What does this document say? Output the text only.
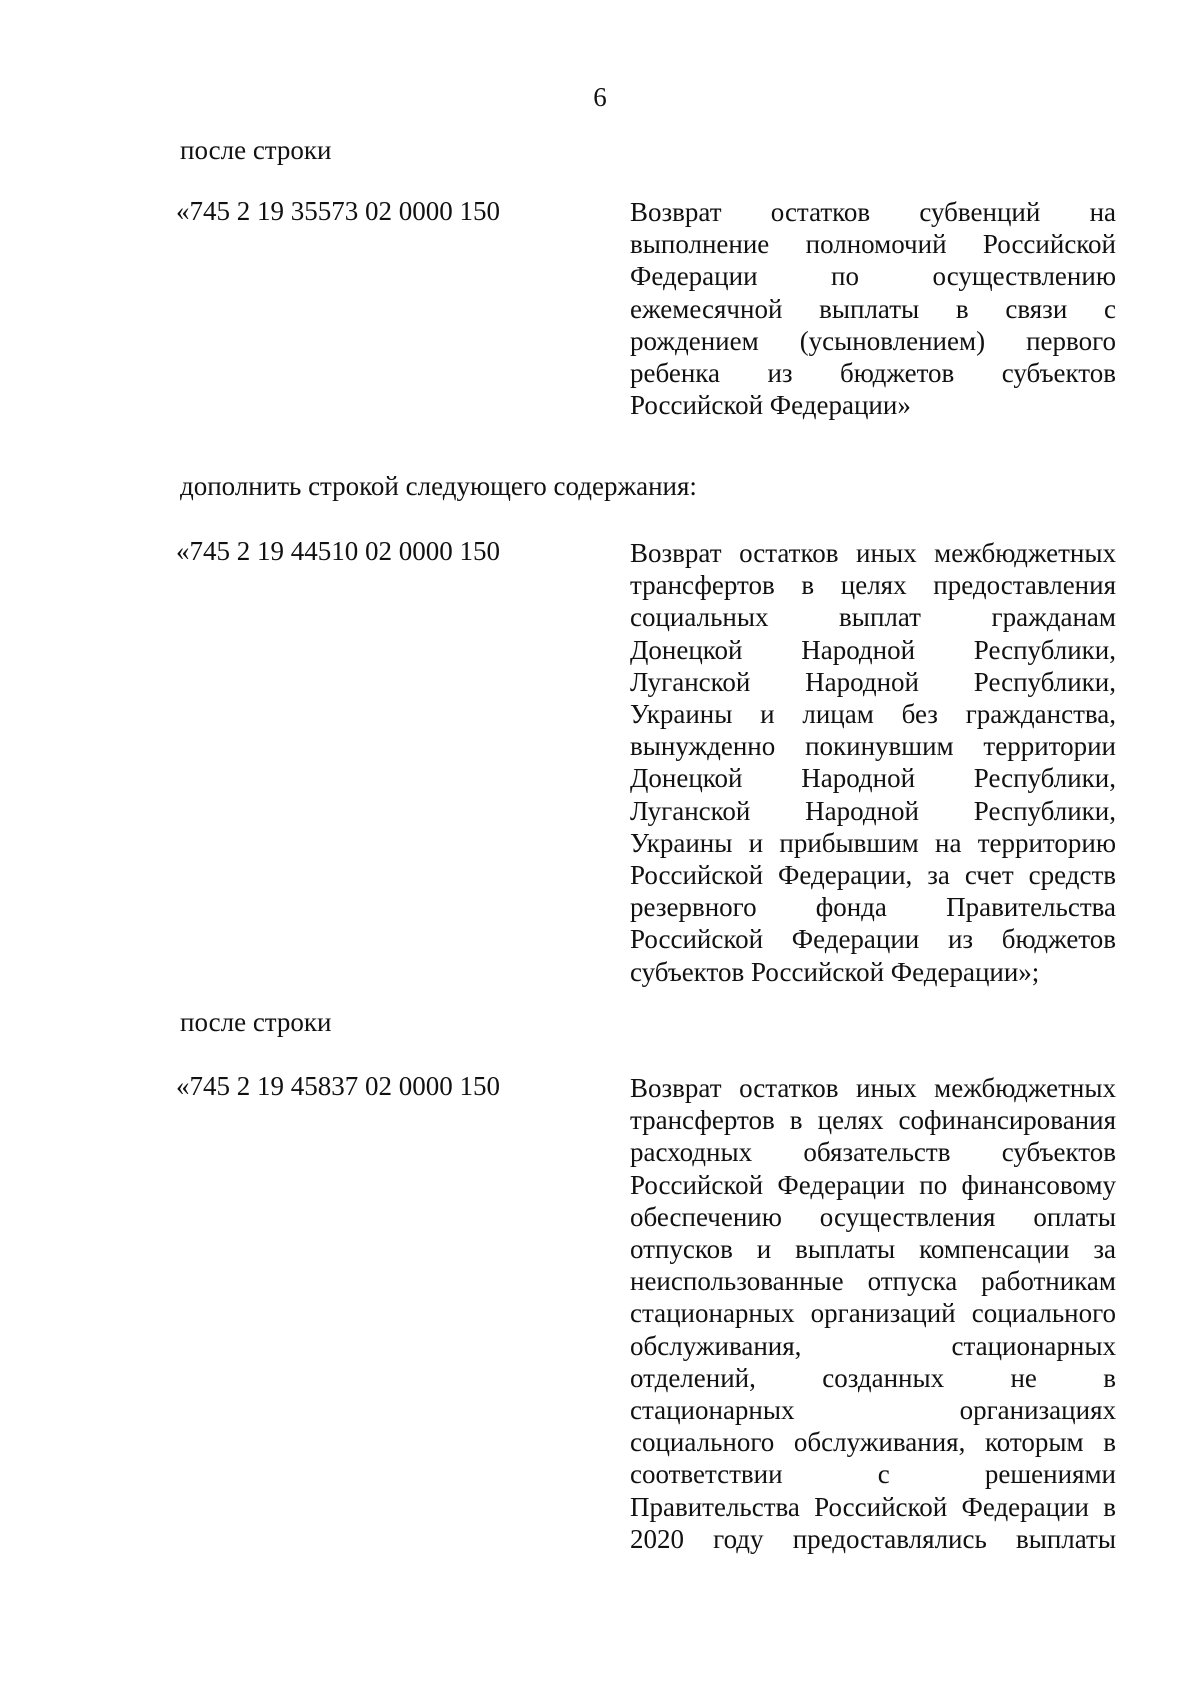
6
после строки
«745 2 19 35573 02 0000 150	Возврат остатков субвенций на
выполнение полномочий Российской
Федерации по осуществлению
ежемесячной выплаты в связи с
рождением (усыновлением) первого
ребенка из бюджетов субъектов
Российской Федерации»
дополнить строкой следующего содержания:
«745 2 19 44510 02 0000 150	Возврат остатков иных межбюджетных
трансфертов в целях предоставления
социальных выплат гражданам
Донецкой Народной Республики,
Луганской Народной Республики,
Украины и лицам без гражданства,
вынужденно покинувшим территории
Донецкой Народной Республики,
Луганской Народной Республики,
Украины и прибывшим на территорию
Российской Федерации, за счет средств
резервного фонда Правительства
Российской Федерации из бюджетов
субъектов Российской Федерации»;
после строки
«745 2 19 45837 02 0000 150	Возврат остатков иных межбюджетных
трансфертов в целях софинансирования
расходных обязательств субъектов
Российской Федерации по финансовому
обеспечению осуществления оплаты
отпусков и выплаты компенсации за
неиспользованные отпуска работникам
стационарных организаций социального
обслуживания, стационарных
отделений, созданных не в
стационарных организациях
социального обслуживания, которым в
соответствии с решениями
Правительства Российской Федерации в
2020 году предоставлялись выплаты
